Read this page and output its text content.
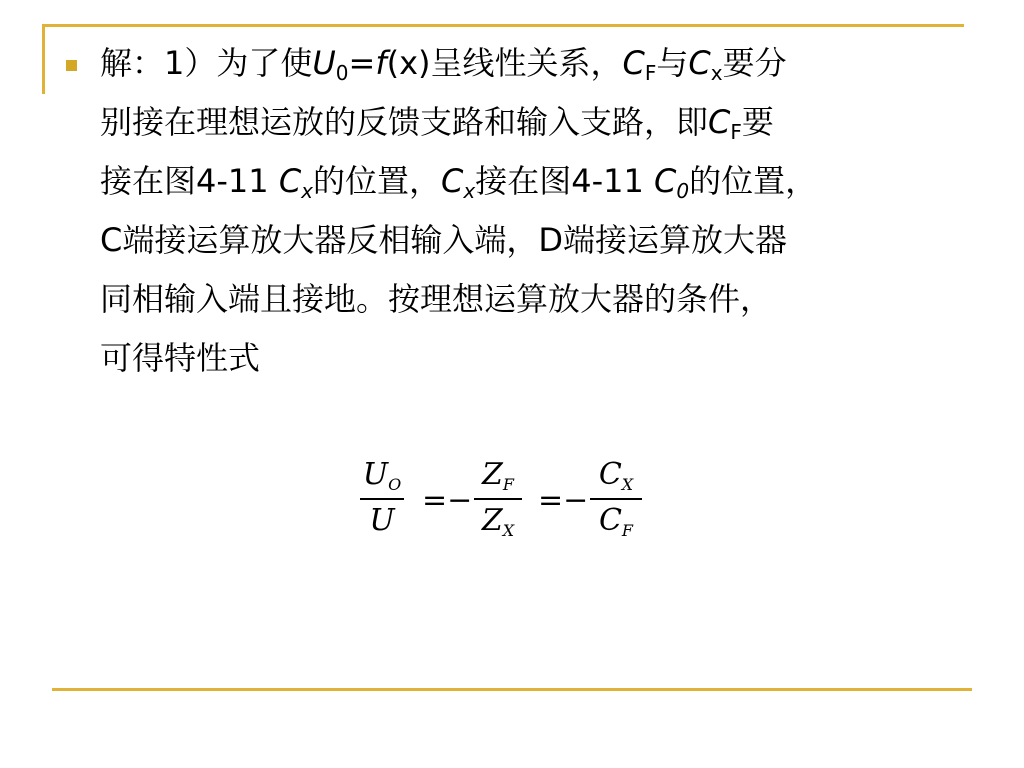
解：1）为了使$U_0=f(x)$呈线性关系，$C_F$与$C_x$要分
别接在理想运放的反馈支路和输入支路，即$C_F$要
接在图4-11 $C_x$的位置，$C_x$接在图4-11 $C_0$的位置，
C端接运算放大器反相输入端，D端接运算放大器
同相输入端且接地。按理想运算放大器的条件，
可得特性式
$U_O$
U
=−
$Z_F$
$Z_X$
=−
$C_X$
$C_F$
